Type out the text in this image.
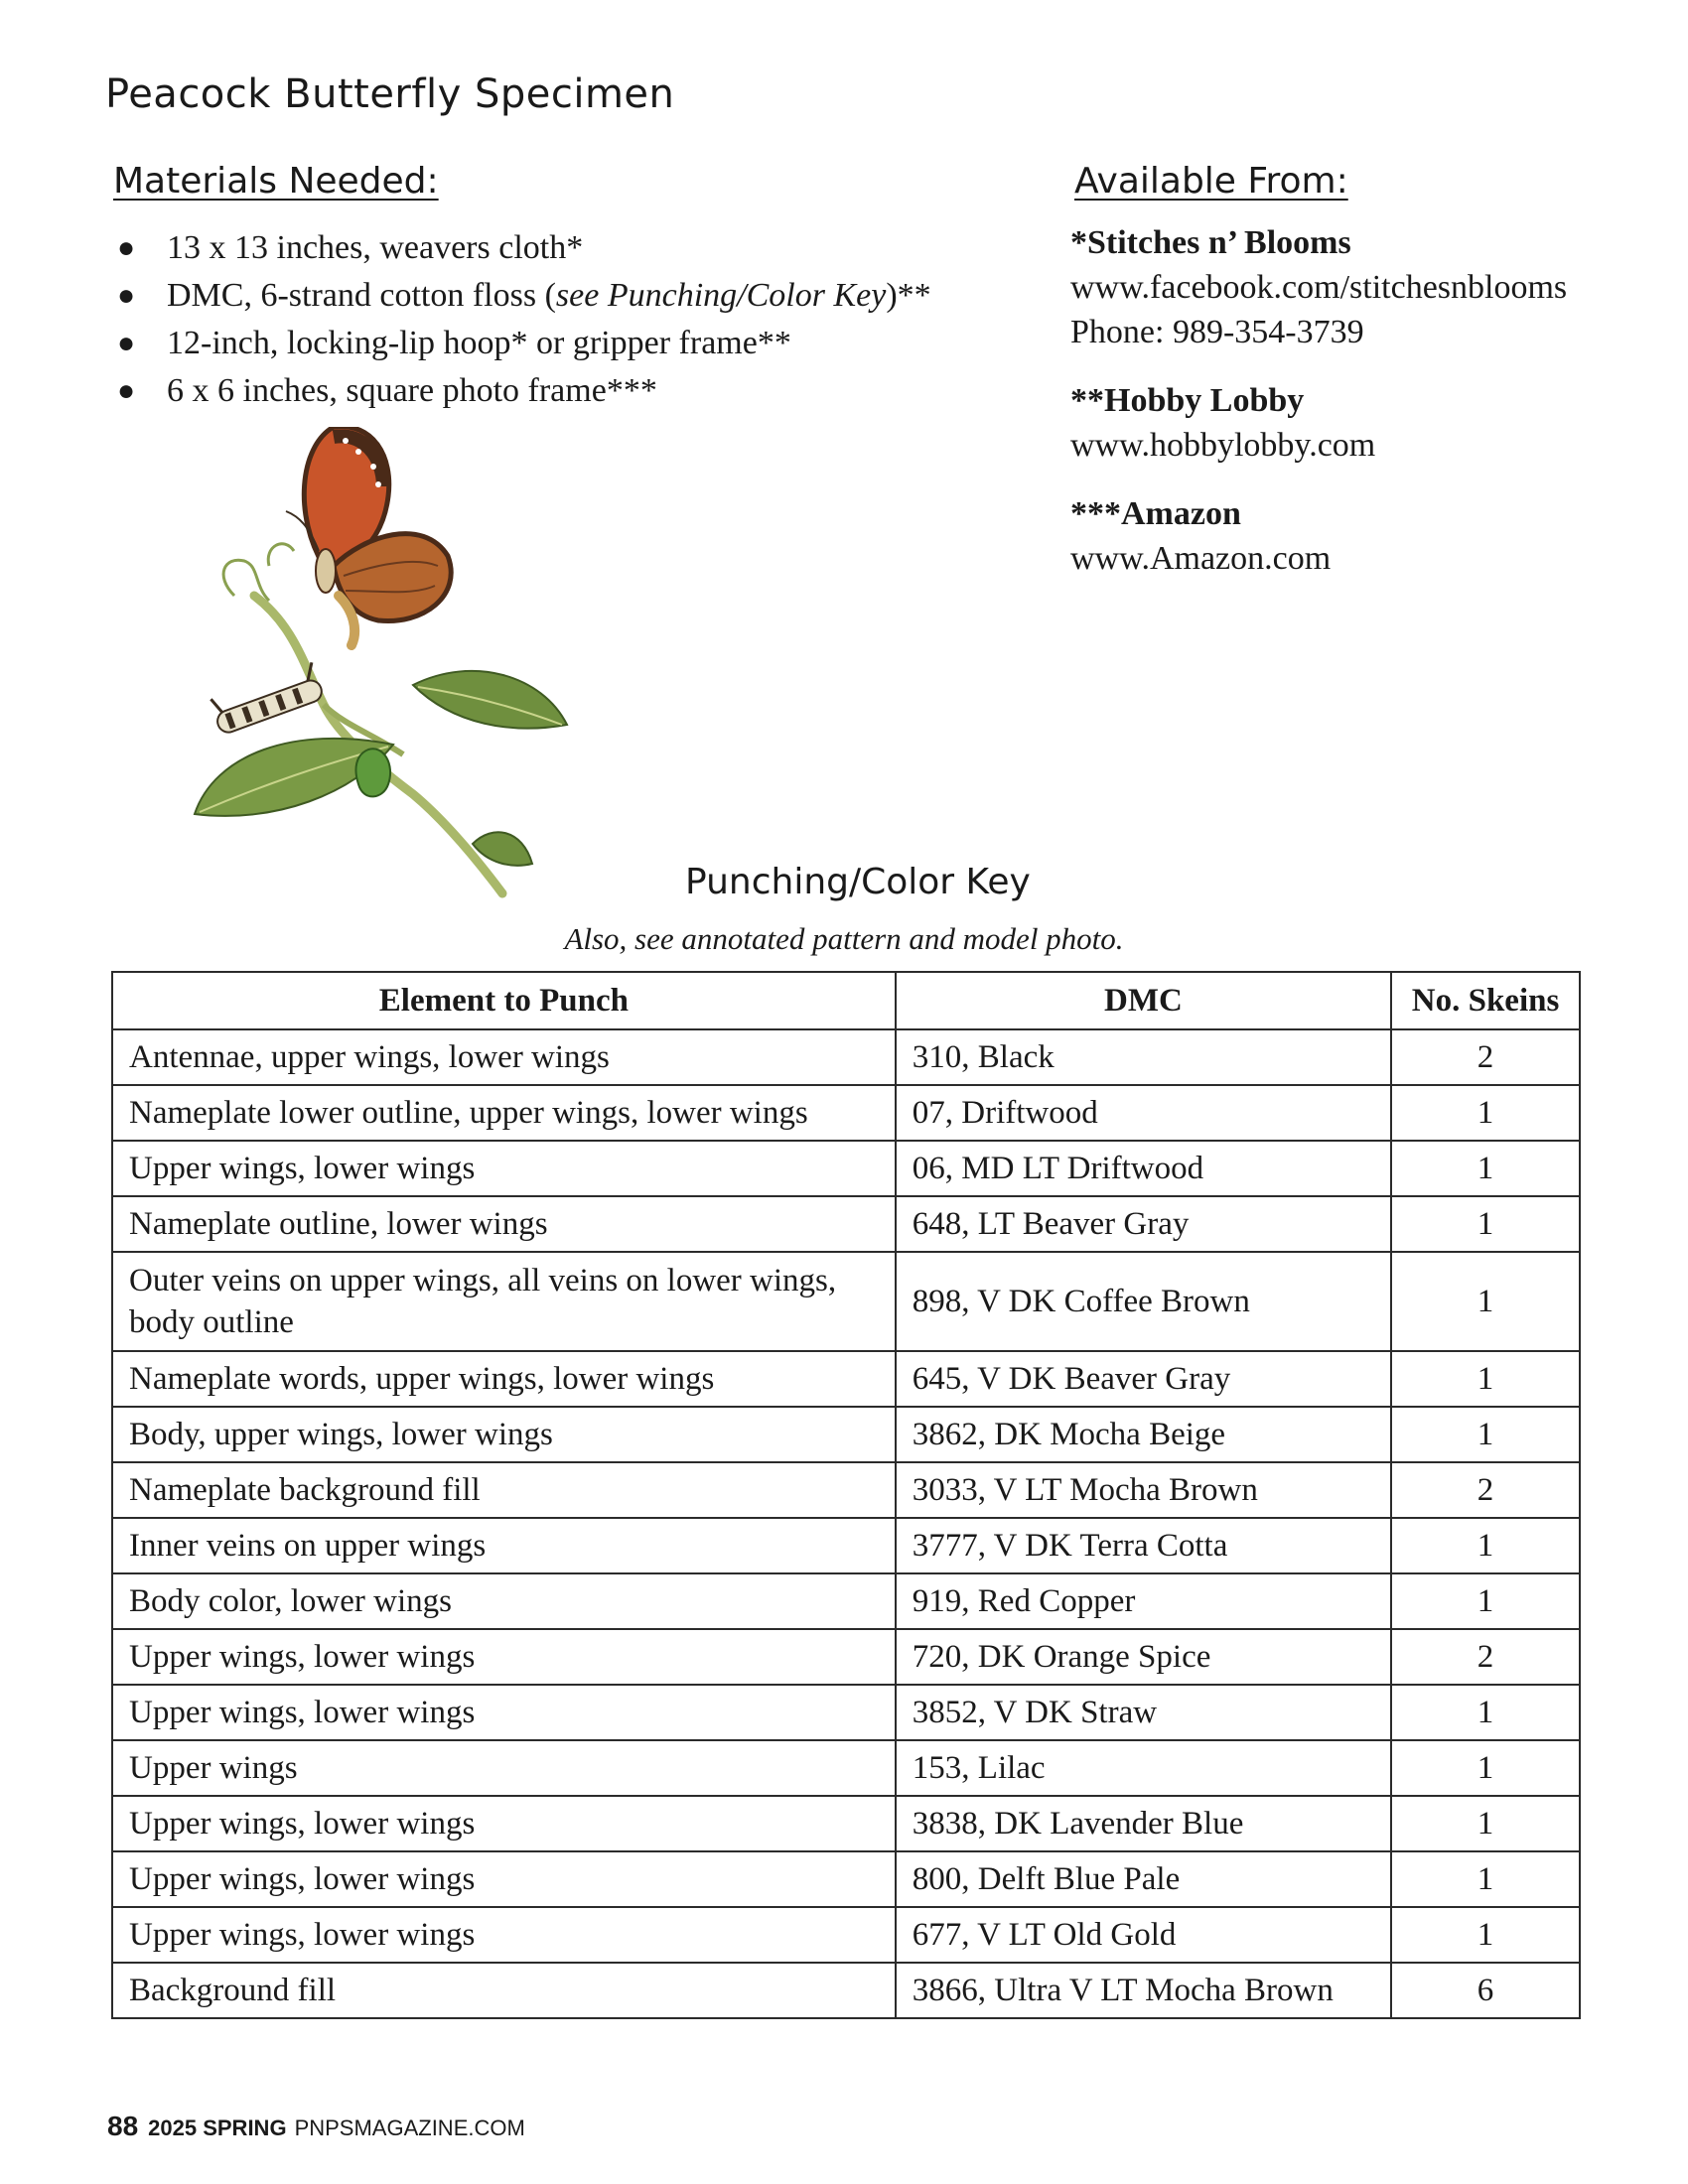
Peacock Butterfly Specimen
Materials Needed:
● 13 x 13 inches, weavers cloth*
● DMC, 6-strand cotton floss (see Punching/Color Key)**
● 12-inch, locking-lip hoop* or gripper frame**
● 6 x 6 inches, square photo frame***
Available From:
*Stitches n’ Blooms
www.facebook.com/stitchesnblooms
Phone: 989-354-3739
**Hobby Lobby
www.hobbylobby.com
***Amazon
www.Amazon.com
Punching/Color Key
Also, see annotated pattern and model photo.
Element to Punch	DMC	No. Skeins
Antennae, upper wings, lower wings	310, Black	2
Nameplate lower outline, upper wings, lower wings	07, Driftwood	1
Upper wings, lower wings	06, MD LT Driftwood	1
Nameplate outline, lower wings	648, LT Beaver Gray	1
Outer veins on upper wings, all veins on lower wings, body outline	898, V DK Coffee Brown	1
Nameplate words, upper wings, lower wings	645, V DK Beaver Gray	1
Body, upper wings, lower wings	3862, DK Mocha Beige	1
Nameplate background fill	3033, V LT Mocha Brown	2
Inner veins on upper wings	3777, V DK Terra Cotta	1
Body color, lower wings	919, Red Copper	1
Upper wings, lower wings	720, DK Orange Spice	2
Upper wings, lower wings	3852, V DK Straw	1
Upper wings	153, Lilac	1
Upper wings, lower wings	3838, DK Lavender Blue	1
Upper wings, lower wings	800, Delft Blue Pale	1
Upper wings, lower wings	677, V LT Old Gold	1
Background fill	3866, Ultra V LT Mocha Brown	6
88 2025 SPRING PNPSMAGAZINE.COM
